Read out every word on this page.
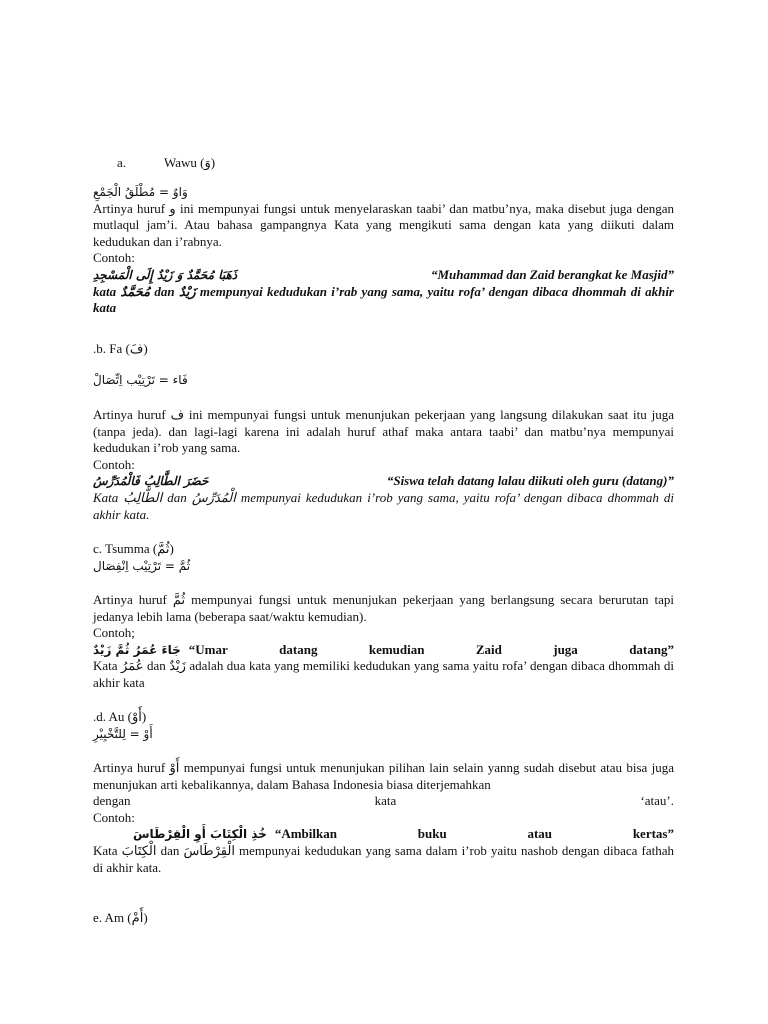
a.	Wawu (وَ)
وَاوٌ = مُطْلَقُ الْجَمْعِ

Artinya huruf و ini mempunyai fungsi untuk menyelaraskan taabi’ dan matbu’nya, maka disebut juga dengan mutlaqul jam’i. Atau bahasa gampangnya Kata yang mengikuti sama dengan kata yang diikuti dalam kedudukan dan i’rabnya.

Contoh:
ذَهَبَا مُحَمَّدٌ وَ زَيْدٌ إِلَى الْمَسْجِدِ	“Muhammad dan Zaid berangkat ke Masjid”

kata مُحَمَّدٌ dan زَيْدٌ mempunyai kedudukan i’rab yang sama, yaitu rofa’ dengan dibaca dhommah di akhir kata

.b. Fa (فَ)
فَاء = تَرْتِيْب اِتِّصَالْ

Artinya huruf ف ini mempunyai fungsi untuk menunjukan pekerjaan yang langsung dilakukan saat itu juga (tanpa jeda). dan lagi-lagi karena ini adalah huruf athaf maka antara taabi’ dan matbu’nya mempunyai kedudukan i’rob yang sama.

Contoh:
حَضَرَ الطَّالِبُ فَالْمُدَرِّسُ	“Siswa telah datang lalau diikuti oleh guru (datang)”

Kata الطَّالِبُ dan الْمُدَرِّسُ mempunyai kedudukan i’rob yang sama, yaitu rofa’ dengan dibaca dhommah di akhir kata.

c. Tsumma (ثُمَّ)
ثُمَّ = تَرْتِيْب اِنْفِصَال

Artinya huruf ثُمَّ mempunyai fungsi untuk menunjukan pekerjaan yang berlangsung secara berurutan tapi jedanya lebih lama (beberapa saat/waktu kemudian).

Contoh;
جَاءَ عُمَرُ ثُمَّ زَيْدٌ “Umar	datang	kemudian	Zaid	juga	datang”

Kata عُمَرُ dan زَيْدٌ adalah dua kata yang memiliki kedudukan yang sama yaitu rofa’ dengan dibaca dhommah di akhir kata

.d. Au (أَوْ)
أَوْ = لِلتَّخْيِيْرِ

Artinya huruf أَوْ mempunyai fungsi untuk menunjukan pilihan lain selain yanng sudah disebut atau bisa juga menunjukan arti kebalikannya, dalam Bahasa Indonesia biasa diterjemahkan

dengan	kata	‘atau’.
Contoh:
خُذِ الْكِتَابَ أَوِ الْقِرْطَاسَ “Ambilkan	buku	atau	kertas”

Kata الْكِتَابَ dan الْقِرْطَاسَ mempunyai kedudukan yang sama dalam i’rob yaitu nashob dengan dibaca fathah di akhir kata.

e. Am (أَمْ)
